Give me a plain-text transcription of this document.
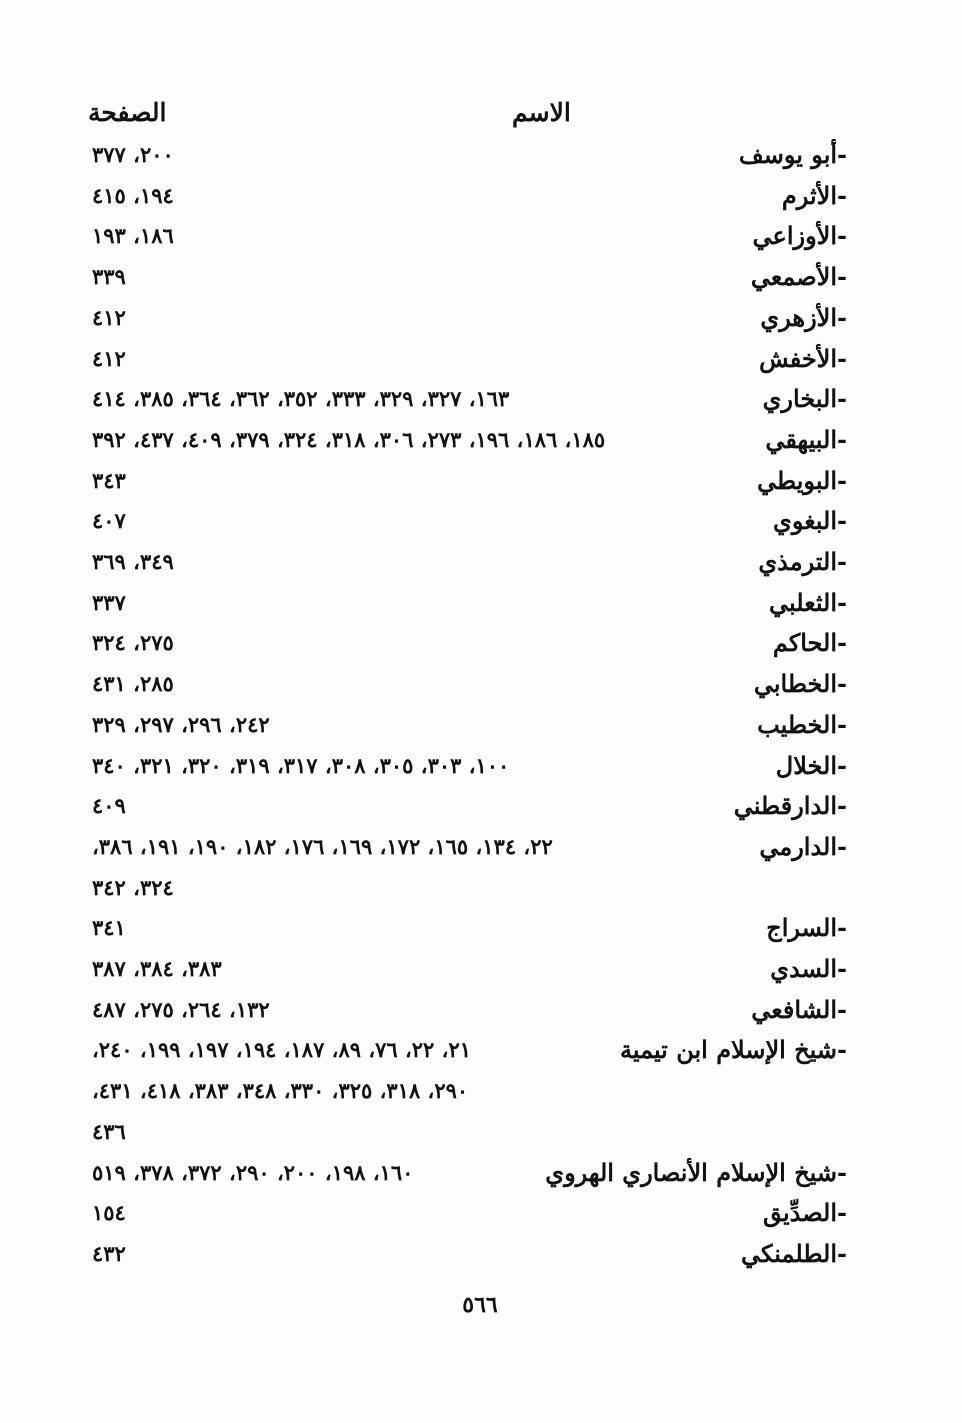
الصفحة	الاسم
-أبو يوسف
٢٠٠، ٣٧٧
-الأثرم
١٩٤، ٤١٥
-الأوزاعي
١٨٦، ١٩٣
-الأصمعي
٣٣٩
-الأزهري
٤١٢
-الأخفش
٤١٢
-البخاري
١٦٣، ٣٢٧، ٣٢٩، ٣٣٣، ٣٥٢، ٣٦٢، ٣٦٤، ٣٨٥، ٤١٤
-البيهقي
١٨٥، ١٨٦، ١٩٦، ٢٧٣، ٣٠٦، ٣١٨، ٣٢٤، ٣٧٩، ٤٠٩، ٤٣٧، ٣٩٢
-البويطي
٣٤٣
-البغوي
٤٠٧
-الترمذي
٣٤٩، ٣٦٩
-الثعلبي
٣٣٧
-الحاكم
٢٧٥، ٣٢٤
-الخطابي
٢٨٥، ٤٣١
-الخطيب
٢٤٢، ٢٩٦، ٢٩٧، ٣٢٩
-الخلال
١٠٠، ٣٠٣، ٣٠٥، ٣٠٨، ٣١٧، ٣١٩، ٣٢٠، ٣٢١، ٣٤٠
-الدارقطني
٤٠٩
-الدارمي
٢٢، ١٣٤، ١٦٥، ١٧٢، ١٦٩، ١٧٦، ١٨٢، ١٩٠، ١٩١، ٣٨٦،
٣٢٤، ٣٤٢
-السراج
٣٤١
-السدي
٣٨٣، ٣٨٤، ٣٨٧
-الشافعي
١٣٢، ٢٦٤، ٢٧٥، ٤٨٧
-شيخ الإسلام ابن تيمية
٢١، ٢٢، ٧٦، ٨٩، ١٨٧، ١٩٤، ١٩٧، ١٩٩، ٢٤٠،
٢٩٠، ٣١٨، ٣٢٥، ٣٣٠، ٣٤٨، ٣٨٣، ٤١٨، ٤٣١،
٤٣٦
-شيخ الإسلام الأنصاري الهروي
١٦٠، ١٩٨، ٢٠٠، ٢٩٠، ٣٧٢، ٣٧٨، ٥١٩
-الصدِّيق
١٥٤
-الطلمنكي
٤٣٢
٥٦٦
